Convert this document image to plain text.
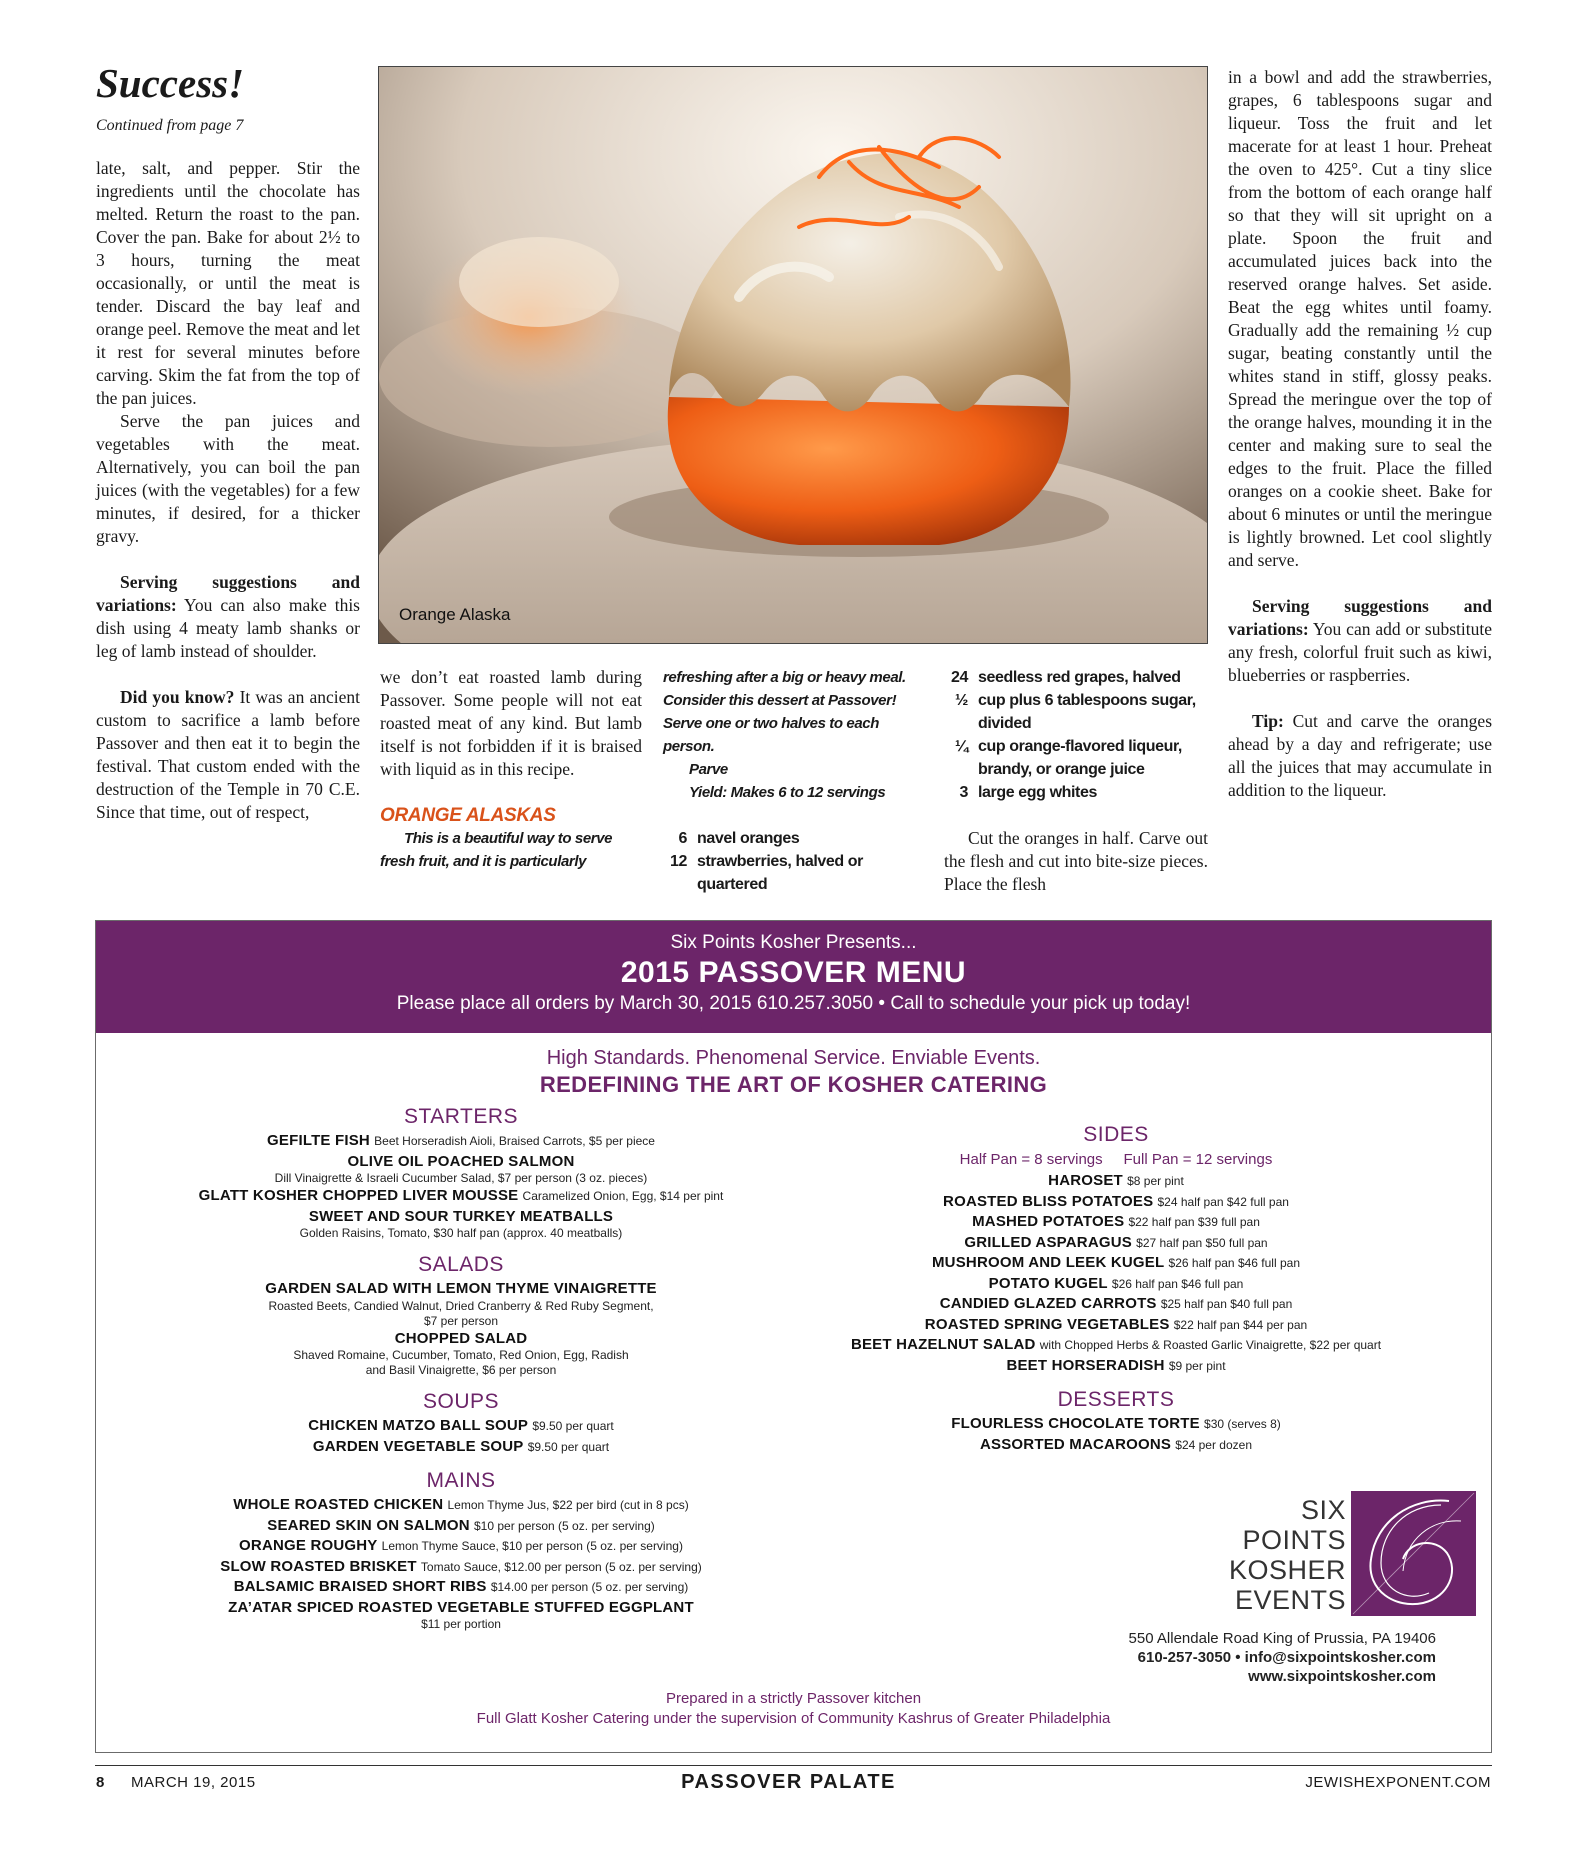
Success!
Continued from page 7

late, salt, and pepper. Stir the ingredients until the chocolate has melted. Return the roast to the pan. Cover the pan. Bake for about 2½ to 3 hours, turning the meat occasionally, or until the meat is tender. Discard the bay leaf and orange peel. Remove the meat and let it rest for several minutes before carving. Skim the fat from the top of the pan juices.

Serve the pan juices and vegetables with the meat. Alternatively, you can boil the pan juices (with the vegetables) for a few minutes, if desired, for a thicker gravy.

Serving suggestions and variations: You can also make this dish using 4 meaty lamb shanks or leg of lamb instead of shoulder.

Did you know? It was an ancient custom to sacrifice a lamb before Passover and then eat it to begin the festival. That custom ended with the destruction of the Temple in 70 C.E. Since that time, out of respect,

Orange Alaska

we don’t eat roasted lamb during Passover. Some people will not eat roasted meat of any kind. But lamb itself is not forbidden if it is braised with liquid as in this recipe.

ORANGE ALASKAS

This is a beautiful way to serve fresh fruit, and it is particularly

refreshing after a big or heavy meal. Consider this dessert at Passover! Serve one or two halves to each person.

Parve

Yield: Makes 6 to 12 servings

6 navel oranges
12 strawberries, halved or quartered
24 seedless red grapes, halved
½ cup plus 6 tablespoons sugar, divided
¼ cup orange-flavored liqueur, brandy, or orange juice
3 large egg whites

Cut the oranges in half. Carve out the flesh and cut into bite-size pieces. Place the flesh

in a bowl and add the strawberries, grapes, 6 tablespoons sugar and liqueur. Toss the fruit and let macerate for at least 1 hour. Preheat the oven to 425°. Cut a tiny slice from the bottom of each orange half so that they will sit upright on a plate. Spoon the fruit and accumulated juices back into the reserved orange halves. Set aside. Beat the egg whites until foamy. Gradually add the remaining ½ cup sugar, beating constantly until the whites stand in stiff, glossy peaks. Spread the meringue over the top of the orange halves, mounding it in the center and making sure to seal the edges to the fruit. Place the filled oranges on a cookie sheet. Bake for about 6 minutes or until the meringue is lightly browned. Let cool slightly and serve.

Serving suggestions and variations: You can add or substitute any fresh, colorful fruit such as kiwi, blueberries or raspberries.

Tip: Cut and carve the oranges ahead by a day and refrigerate; use all the juices that may accumulate in addition to the liqueur.

Six Points Kosher Presents...
2015 PASSOVER MENU
Please place all orders by March 30, 2015 610.257.3050 • Call to schedule your pick up today!
High Standards. Phenomenal Service. Enviable Events.
REDEFINING THE ART OF KOSHER CATERING
STARTERS
GEFILTE FISH Beet Horseradish Aioli, Braised Carrots, $5 per piece
OLIVE OIL POACHED SALMON
Dill Vinaigrette & Israeli Cucumber Salad, $7 per person (3 oz. pieces)
GLATT KOSHER CHOPPED LIVER MOUSSE Caramelized Onion, Egg, $14 per pint
SWEET AND SOUR TURKEY MEATBALLS
Golden Raisins, Tomato, $30 half pan (approx. 40 meatballs)
SALADS
GARDEN SALAD WITH LEMON THYME VINAIGRETTE
Roasted Beets, Candied Walnut, Dried Cranberry & Red Ruby Segment,
$7 per person
CHOPPED SALAD
Shaved Romaine, Cucumber, Tomato, Red Onion, Egg, Radish
and Basil Vinaigrette, $6 per person
SOUPS
CHICKEN MATZO BALL SOUP $9.50 per quart
GARDEN VEGETABLE SOUP $9.50 per quart
MAINS
WHOLE ROASTED CHICKEN Lemon Thyme Jus, $22 per bird (cut in 8 pcs)
SEARED SKIN ON SALMON $10 per person (5 oz. per serving)
ORANGE ROUGHY Lemon Thyme Sauce, $10 per person (5 oz. per serving)
SLOW ROASTED BRISKET Tomato Sauce, $12.00 per person (5 oz. per serving)
BALSAMIC BRAISED SHORT RIBS $14.00 per person (5 oz. per serving)
ZA’ATAR SPICED ROASTED VEGETABLE STUFFED EGGPLANT
$11 per portion
SIDES
Half Pan = 8 servings Full Pan = 12 servings
HAROSET $8 per pint
ROASTED BLISS POTATOES $24 half pan $42 full pan
MASHED POTATOES $22 half pan $39 full pan
GRILLED ASPARAGUS $27 half pan $50 full pan
MUSHROOM AND LEEK KUGEL $26 half pan $46 full pan
POTATO KUGEL $26 half pan $46 full pan
CANDIED GLAZED CARROTS $25 half pan $40 full pan
ROASTED SPRING VEGETABLES $22 half pan $44 per pan
BEET HAZELNUT SALAD with Chopped Herbs & Roasted Garlic Vinaigrette, $22 per quart
BEET HORSERADISH $9 per pint
DESSERTS
FLOURLESS CHOCOLATE TORTE $30 (serves 8)
ASSORTED MACAROONS $24 per dozen
SIX
POINTS
KOSHER
EVENTS
550 Allendale Road King of Prussia, PA 19406
610-257-3050 • info@sixpointskosher.com
www.sixpointskosher.com
Prepared in a strictly Passover kitchen
Full Glatt Kosher Catering under the supervision of Community Kashrus of Greater Philadelphia
8 MARCH 19, 2015	PASSOVER PALATE	JEWISHEXPONENT.COM
